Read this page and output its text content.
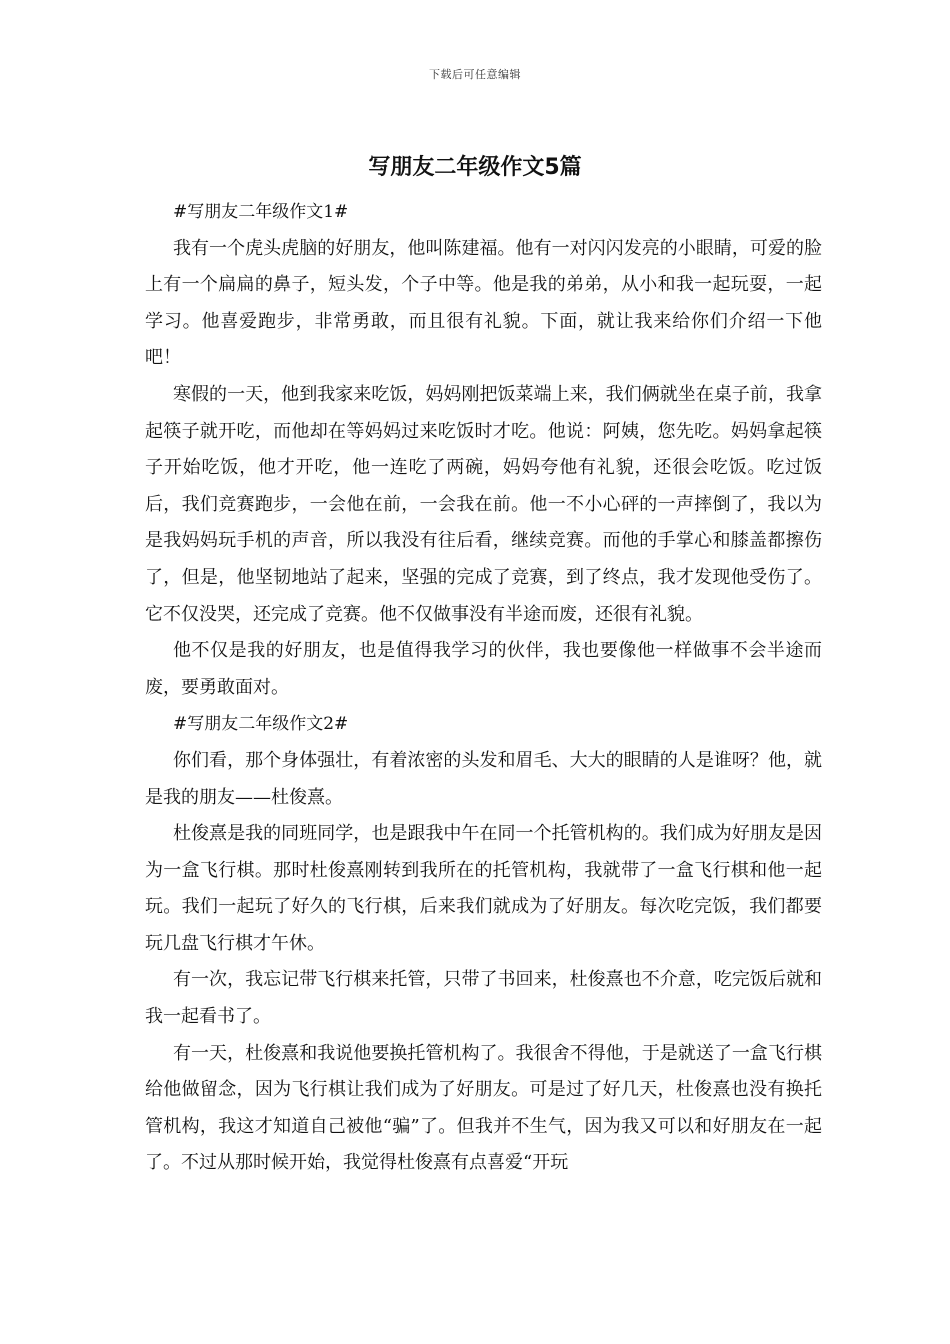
下载后可任意编辑
写朋友二年级作文5篇

#写朋友二年级作文1#

我有一个虎头虎脑的好朋友，他叫陈建福。他有一对闪闪发亮的小眼睛，可爱的脸上有一个扁扁的鼻子，短头发，个子中等。他是我的弟弟，从小和我一起玩耍，一起学习。他喜爱跑步，非常勇敢，而且很有礼貌。下面，就让我来给你们介绍一下他吧！

寒假的一天，他到我家来吃饭，妈妈刚把饭菜端上来，我们俩就坐在桌子前，我拿起筷子就开吃，而他却在等妈妈过来吃饭时才吃。他说：阿姨，您先吃。妈妈拿起筷子开始吃饭，他才开吃，他一连吃了两碗，妈妈夸他有礼貌，还很会吃饭。吃过饭后，我们竞赛跑步，一会他在前，一会我在前。他一不小心砰的一声摔倒了，我以为是我妈妈玩手机的声音，所以我没有往后看，继续竞赛。而他的手掌心和膝盖都擦伤了，但是，他坚韧地站了起来，坚强的完成了竞赛，到了终点，我才发现他受伤了。它不仅没哭，还完成了竞赛。他不仅做事没有半途而废，还很有礼貌。

他不仅是我的好朋友，也是值得我学习的伙伴，我也要像他一样做事不会半途而废，要勇敢面对。

#写朋友二年级作文2#

你们看，那个身体强壮，有着浓密的头发和眉毛、大大的眼睛的人是谁呀？他，就是我的朋友——杜俊熹。

杜俊熹是我的同班同学，也是跟我中午在同一个托管机构的。我们成为好朋友是因为一盒飞行棋。那时杜俊熹刚转到我所在的托管机构，我就带了一盒飞行棋和他一起玩。我们一起玩了好久的飞行棋，后来我们就成为了好朋友。每次吃完饭，我们都要玩几盘飞行棋才午休。

有一次，我忘记带飞行棋来托管，只带了书回来，杜俊熹也不介意，吃完饭后就和我一起看书了。

有一天，杜俊熹和我说他要换托管机构了。我很舍不得他，于是就送了一盒飞行棋给他做留念，因为飞行棋让我们成为了好朋友。可是过了好几天，杜俊熹也没有换托管机构，我这才知道自己被他“骗”了。但我并不生气，因为我又可以和好朋友在一起了。不过从那时候开始，我觉得杜俊熹有点喜爱“开玩
